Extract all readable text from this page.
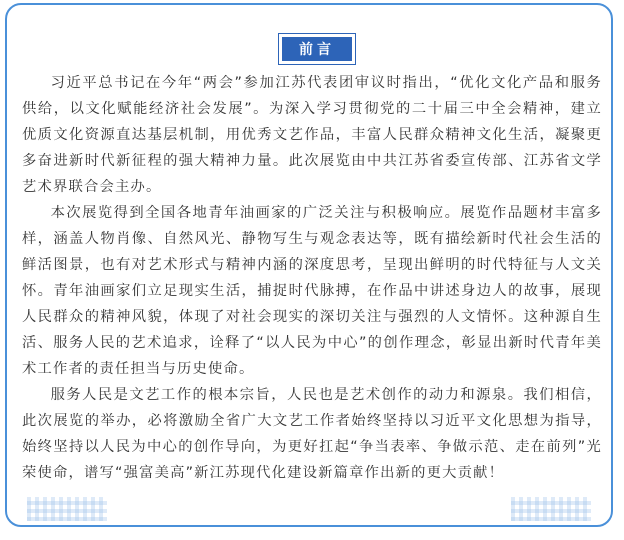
前言

习近平总书记在今年“两会”参加江苏代表团审议时指出，“优化文化产品和服务供给，以文化赋能经济社会发展”。为深入学习贯彻党的二十届三中全会精神，建立优质文化资源直达基层机制，用优秀文艺作品，丰富人民群众精神文化生活，凝聚更多奋进新时代新征程的强大精神力量。此次展览由中共江苏省委宣传部、江苏省文学艺术界联合会主办。

本次展览得到全国各地青年油画家的广泛关注与积极响应。展览作品题材丰富多样，涵盖人物肖像、自然风光、静物写生与观念表达等，既有描绘新时代社会生活的鲜活图景，也有对艺术形式与精神内涵的深度思考，呈现出鲜明的时代特征与人文关怀。青年油画家们立足现实生活，捕捉时代脉搏，在作品中讲述身边人的故事，展现人民群众的精神风貌，体现了对社会现实的深切关注与强烈的人文情怀。这种源自生活、服务人民的艺术追求，诠释了“以人民为中心”的创作理念，彰显出新时代青年美术工作者的责任担当与历史使命。

服务人民是文艺工作的根本宗旨，人民也是艺术创作的动力和源泉。我们相信，此次展览的举办，必将激励全省广大文艺工作者始终坚持以习近平文化思想为指导，始终坚持以人民为中心的创作导向，为更好扛起“争当表率、争做示范、走在前列”光荣使命，谱写“强富美高”新江苏现代化建设新篇章作出新的更大贡献！
